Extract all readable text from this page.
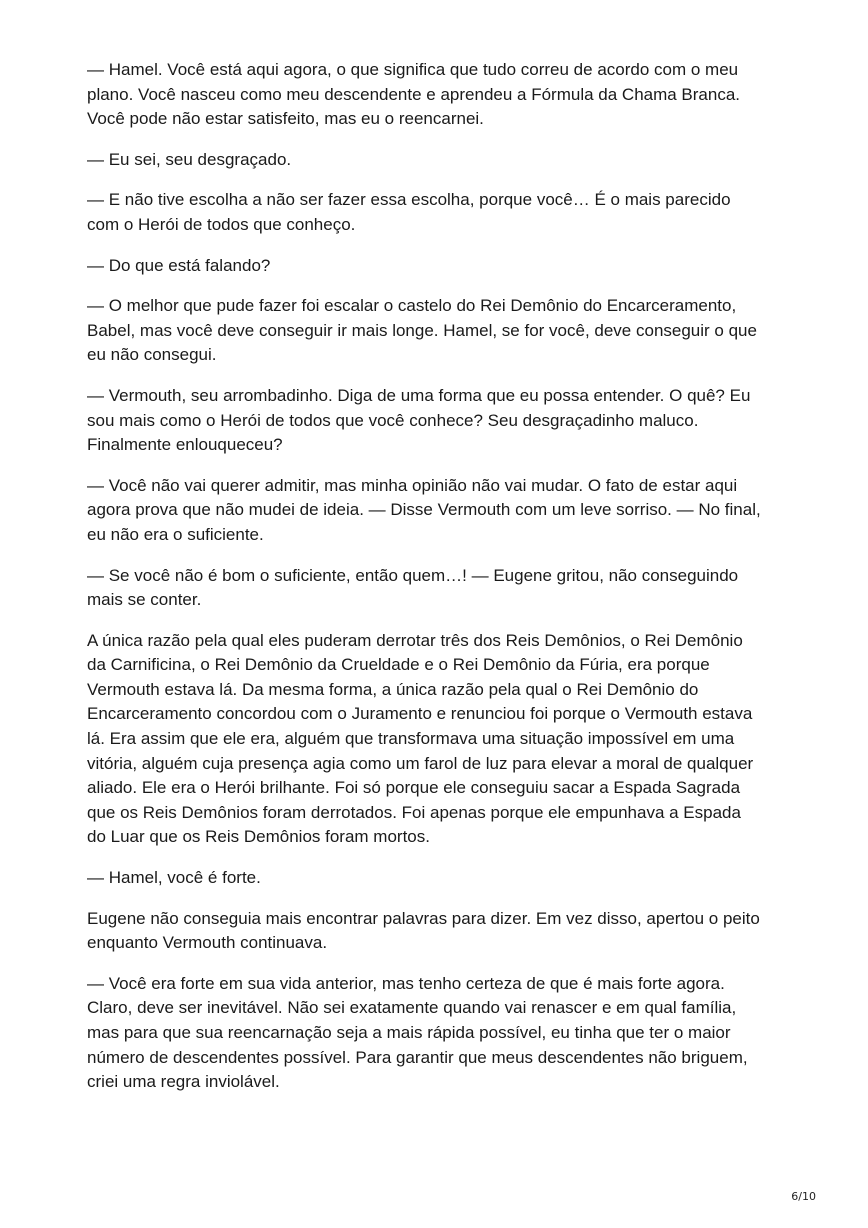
— Hamel. Você está aqui agora, o que significa que tudo correu de acordo com o meu
plano. Você nasceu como meu descendente e aprendeu a Fórmula da Chama Branca.
Você pode não estar satisfeito, mas eu o reencarnei.

— Eu sei, seu desgraçado.

— E não tive escolha a não ser fazer essa escolha, porque você… É o mais parecido
com o Herói de todos que conheço.

— Do que está falando?

— O melhor que pude fazer foi escalar o castelo do Rei Demônio do Encarceramento,
Babel, mas você deve conseguir ir mais longe. Hamel, se for você, deve conseguir o que
eu não consegui.

— Vermouth, seu arrombadinho. Diga de uma forma que eu possa entender. O quê? Eu
sou mais como o Herói de todos que você conhece? Seu desgraçadinho maluco.
Finalmente enlouqueceu?

— Você não vai querer admitir, mas minha opinião não vai mudar. O fato de estar aqui
agora prova que não mudei de ideia. — Disse Vermouth com um leve sorriso. — No final,
eu não era o suficiente.

— Se você não é bom o suficiente, então quem…! — Eugene gritou, não conseguindo
mais se conter.

A única razão pela qual eles puderam derrotar três dos Reis Demônios, o Rei Demônio
da Carnificina, o Rei Demônio da Crueldade e o Rei Demônio da Fúria, era porque
Vermouth estava lá. Da mesma forma, a única razão pela qual o Rei Demônio do
Encarceramento concordou com o Juramento e renunciou foi porque o Vermouth estava
lá. Era assim que ele era, alguém que transformava uma situação impossível em uma
vitória, alguém cuja presença agia como um farol de luz para elevar a moral de qualquer
aliado. Ele era o Herói brilhante. Foi só porque ele conseguiu sacar a Espada Sagrada
que os Reis Demônios foram derrotados. Foi apenas porque ele empunhava a Espada
do Luar que os Reis Demônios foram mortos.

— Hamel, você é forte.

Eugene não conseguia mais encontrar palavras para dizer. Em vez disso, apertou o peito
enquanto Vermouth continuava.

— Você era forte em sua vida anterior, mas tenho certeza de que é mais forte agora.
Claro, deve ser inevitável. Não sei exatamente quando vai renascer e em qual família,
mas para que sua reencarnação seja a mais rápida possível, eu tinha que ter o maior
número de descendentes possível. Para garantir que meus descendentes não briguem,
criei uma regra inviolável.

6/10
